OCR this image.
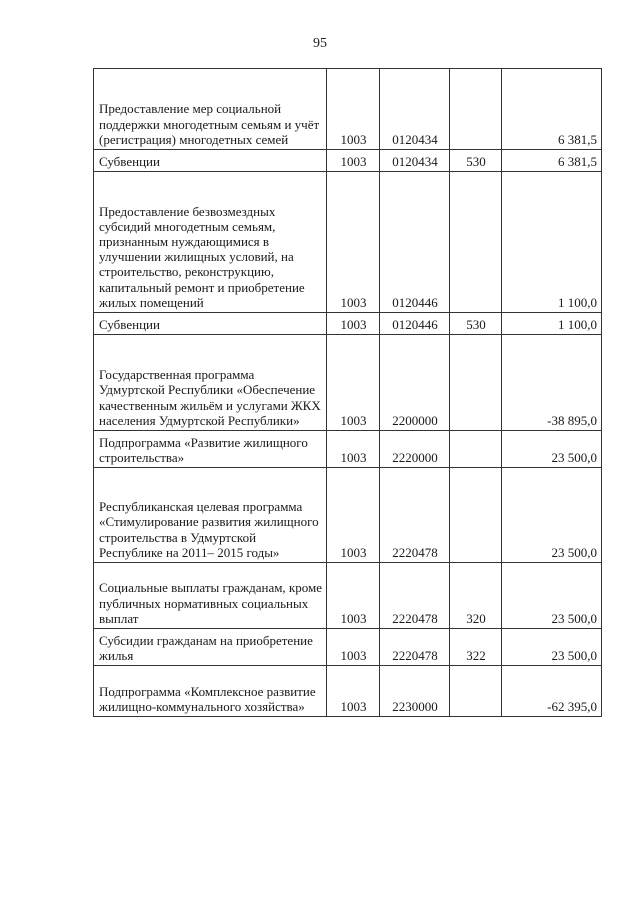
95
Предоставление мер социальной поддержки многодетным семьям и учёт (регистрация) многодетных семей	1003	0120434		6 381,5
Субвенции	1003	0120434	530	6 381,5
Предоставление безвозмездных субсидий многодетным семьям, признанным нуждающимися в улучшении жилищных условий, на строительство, реконструкцию, капитальный ремонт и приобретение жилых помещений	1003	0120446		1 100,0
Субвенции	1003	0120446	530	1 100,0
Государственная программа Удмуртской Республики «Обеспечение качественным жильём и услугами ЖКХ населения Удмуртской Республики»	1003	2200000		-38 895,0
Подпрограмма «Развитие жилищного строительства»	1003	2220000		23 500,0
Республиканская целевая программа «Стимулирование развития жилищного строительства в Удмуртской Республике на 2011– 2015 годы»	1003	2220478		23 500,0
Социальные выплаты гражданам, кроме публичных нормативных социальных выплат	1003	2220478	320	23 500,0
Субсидии гражданам на приобретение жилья	1003	2220478	322	23 500,0
Подпрограмма «Комплексное развитие жилищно-коммунального хозяйства»	1003	2230000		-62 395,0
